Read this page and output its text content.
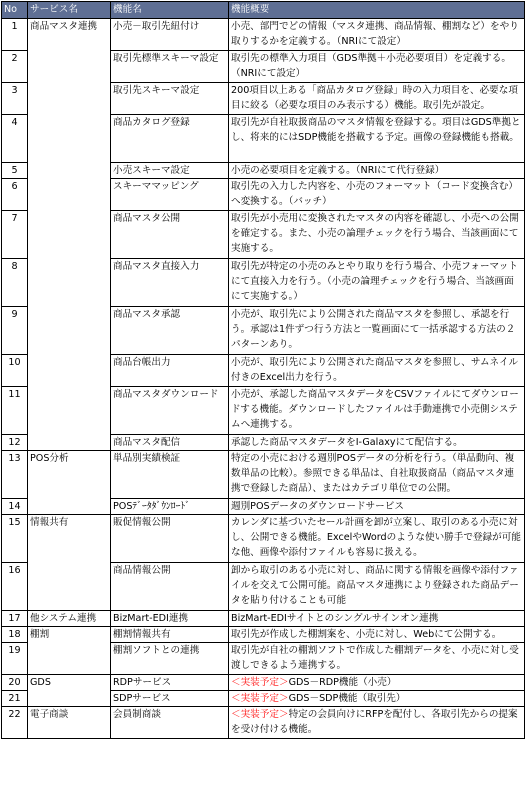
No	サービス名	機能名	機能概要
1	商品マスタ連携	小売－取引先紐付け	小売、部門でどの情報（マスタ連携、商品情報、棚割など）をやり取りするかを定義する。（NRIにて設定）
2		取引先標準スキーマ設定	取引先の標準入力項目（GDS準拠＋小売必要項目）を定義する。（NRIにて設定）
3		取引先スキーマ設定	200項目以上ある「商品カタログ登録」時の入力項目を、必要な項目に絞る（必要な項目のみ表示する）機能。取引先が設定。
4		商品カタログ登録	取引先が自社取扱商品のマスタ情報を登録する。項目はGDS準拠とし、将来的にはSDP機能を搭載する予定。画像の登録機能も搭載。
5		小売スキーマ設定	小売の必要項目を定義する。（NRIにて代行登録）
6		スキーママッピング	取引先の入力した内容を、小売のフォーマット（コード変換含む）へ変換する。（バッチ）
7		商品マスタ公開	取引先が小売用に変換されたマスタの内容を確認し、小売への公開を確定する。また、小売の論理チェックを行う場合、当該画面にて実施する。
8		商品マスタ直接入力	取引先が特定の小売のみとやり取りを行う場合、小売フォーマットにて直接入力を行う。（小売の論理チェックを行う場合、当該画面にて実施する。）
9		商品マスタ承認	小売が、取引先により公開された商品マスタを参照し、承認を行う。承認は1件ずつ行う方法と一覧画面にて一括承認する方法の２パターンあり。
10		商品台帳出力	小売が、取引先により公開された商品マスタを参照し、サムネイル付きのExcel出力を行う。
11		商品マスタダウンロード	小売が、承認した商品マスタデータをCSVファイルにてダウンロードする機能。ダウンロードしたファイルは手動連携で小売側システムへ連携する。
12		商品マスタ配信	承認した商品マスタデータをI-Galaxyにて配信する。
13	POS分析	単品別実績検証	特定の小売における週別POSデータの分析を行う。（単品動向、複数単品の比較）。参照できる単品は、自社取扱商品（商品マスタ連携で登録した商品）、またはカテゴリ単位での公開。
14		POSﾃﾞｰﾀﾀﾞｳﾝﾛｰﾄﾞ	週別POSデータのダウンロードサービス
15	情報共有	販促情報公開	カレンダに基づいたセール計画を卸が立案し、取引のある小売に対し、公開できる機能。ExcelやWordのような使い勝手で登録が可能な他、画像や添付ファイルも容易に扱える。
16		商品情報公開	卸から取引のある小売に対し、商品に関する情報を画像や添付ファイルを交えて公開可能。商品マスタ連携により登録された商品データを貼り付けることも可能
17	他システム連携	BizMart-EDI連携	BizMart-EDIサイトとのシングルサインオン連携
18	棚割	棚割情報共有	取引先が作成した棚割案を、小売に対し、Webにて公開する。
19		棚割ソフトとの連携	取引先が自社の棚割ソフトで作成した棚割データを、小売に対し受渡しできるよう連携する。
20	GDS	RDPサービス	＜実装予定＞GDS－RDP機能（小売）
21		SDPサービス	＜実装予定＞GDS－SDP機能（取引先）
22	電子商談	会員制商談	＜実装予定＞特定の会員向けにRFPを配付し、各取引先からの提案を受け付ける機能。
